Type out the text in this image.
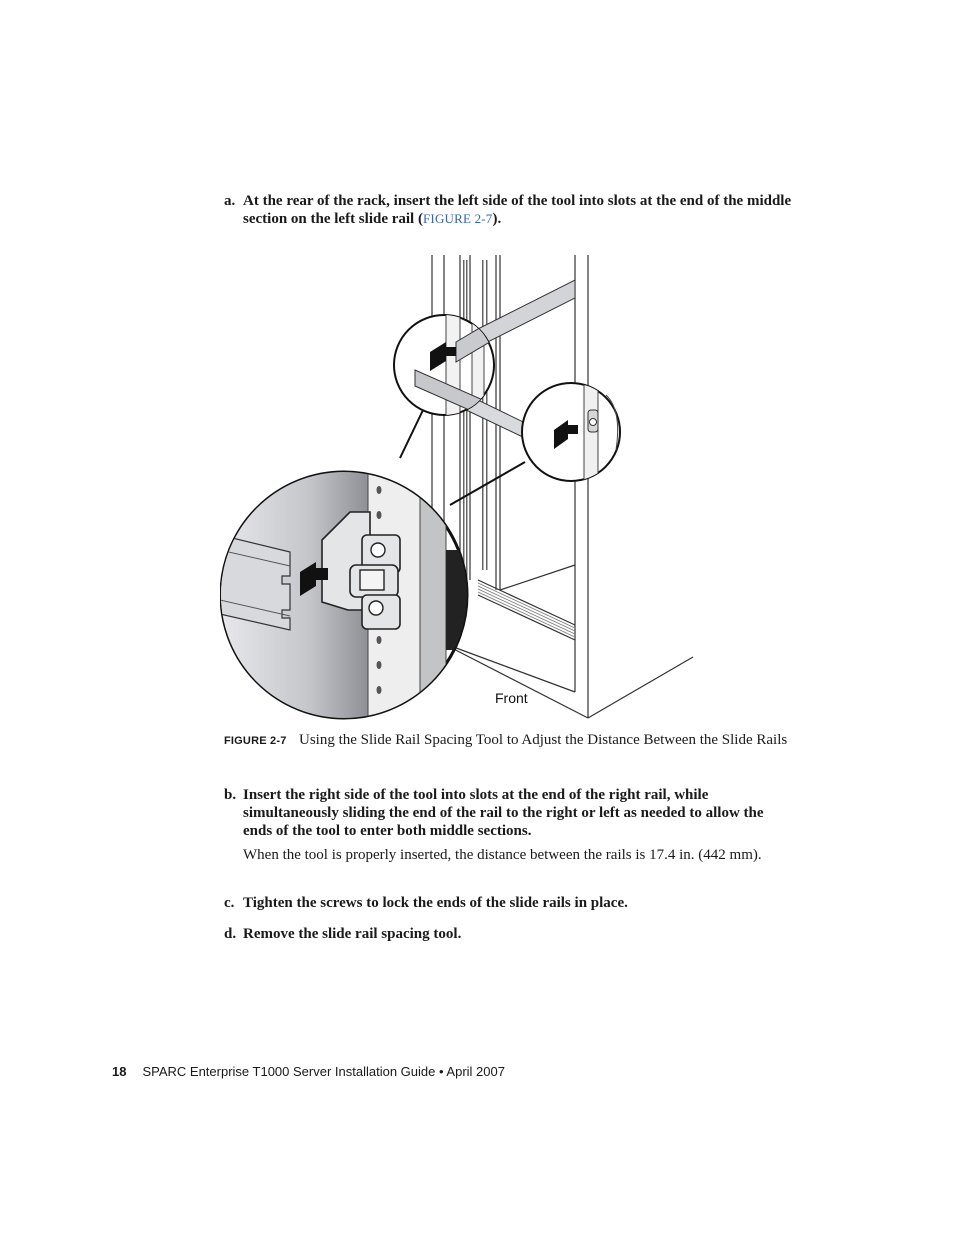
a. At the rear of the rack, insert the left side of the tool into slots at the end of the middle section on the left slide rail (FIGURE 2-7).
Front
FIGURE 2-7 Using the Slide Rail Spacing Tool to Adjust the Distance Between the Slide Rails
b. Insert the right side of the tool into slots at the end of the right rail, while simultaneously sliding the end of the rail to the right or left as needed to allow the ends of the tool to enter both middle sections.
When the tool is properly inserted, the distance between the rails is 17.4 in. (442 mm).
c. Tighten the screws to lock the ends of the slide rails in place.
d. Remove the slide rail spacing tool.
18 SPARC Enterprise T1000 Server Installation Guide • April 2007
